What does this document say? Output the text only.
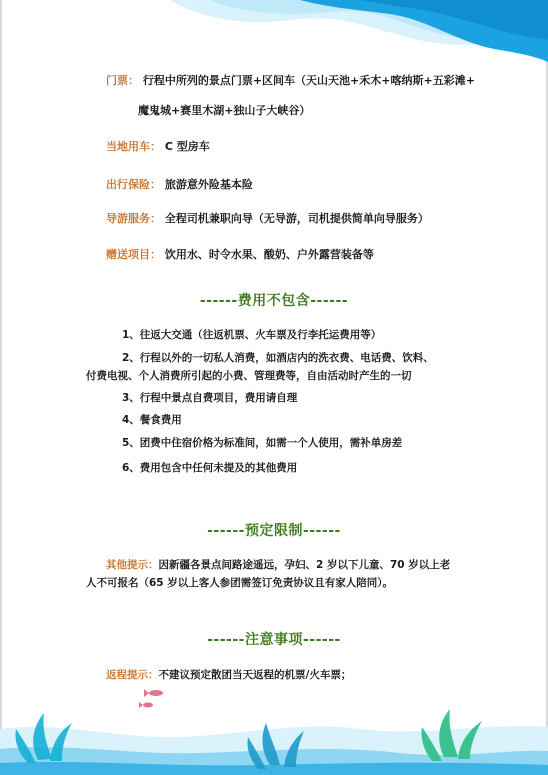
门票： 行程中所列的景点门票+区间车（天山天池+禾木+喀纳斯+五彩滩+
魔鬼城+赛里木湖+独山子大峡谷）
当地用车： C 型房车
出行保险： 旅游意外险基本险
导游服务： 全程司机兼职向导（无导游，司机提供简单向导服务）
赠送项目： 饮用水、时令水果、酸奶、户外露营装备等
------费用不包含------
1、往返大交通（往返机票、火车票及行李托运费用等）
2、行程以外的一切私人消费，如酒店内的洗衣费、电话费、饮料、
付费电视、个人消费所引起的小费、管理费等，自由活动时产生的一切
3、行程中景点自费项目，费用请自理
4、餐食费用
5、团费中住宿价格为标准间，如需一个人使用，需补单房差
6、费用包含中任何未提及的其他费用
------预定限制------
其他提示：因新疆各景点间路途遥远，孕妇、2 岁以下儿童、70 岁以上老
人不可报名（65 岁以上客人参团需签订免责协议且有家人陪同）。
------注意事项------
返程提示：不建议预定散团当天返程的机票/火车票；
